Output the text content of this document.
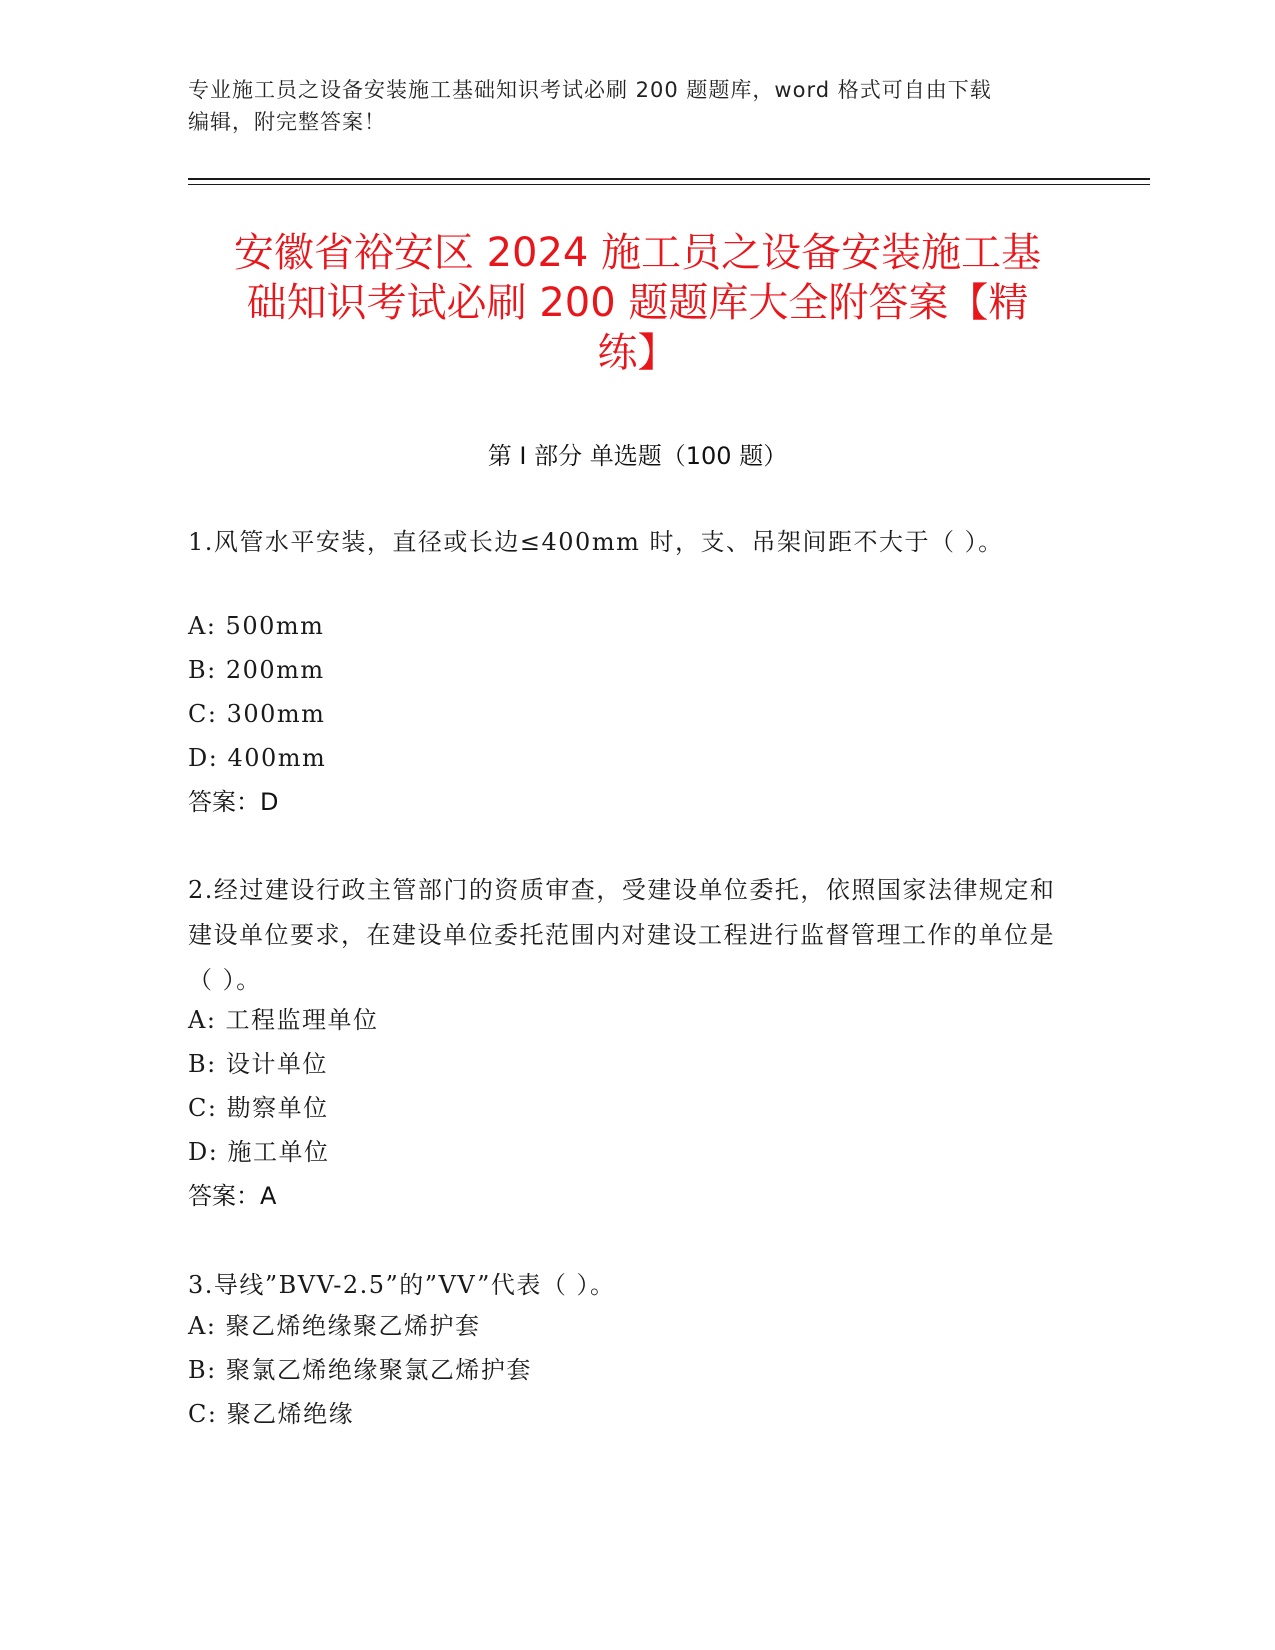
专业施工员之设备安装施工基础知识考试必刷 200 题题库，word 格式可自由下载
编辑，附完整答案！
安徽省裕安区 2024 施工员之设备安装施工基
础知识考试必刷 200 题题库大全附答案【精
练】
第 I 部分 单选题（100 题）
1.风管水平安装，直径或长边≤400mm 时，支、吊架间距不大于（ ）。
A: 500mm
B: 200mm
C: 300mm
D: 400mm
答案：D
2.经过建设行政主管部门的资质审查，受建设单位委托，依照国家法律规定和建设单位要求，在建设单位委托范围内对建设工程进行监督管理工作的单位是（ ）。
A: 工程监理单位
B: 设计单位
C: 勘察单位
D: 施工单位
答案：A
3.导线”BVV-2.5”的”VV”代表（ ）。
A: 聚乙烯绝缘聚乙烯护套
B: 聚氯乙烯绝缘聚氯乙烯护套
C: 聚乙烯绝缘
